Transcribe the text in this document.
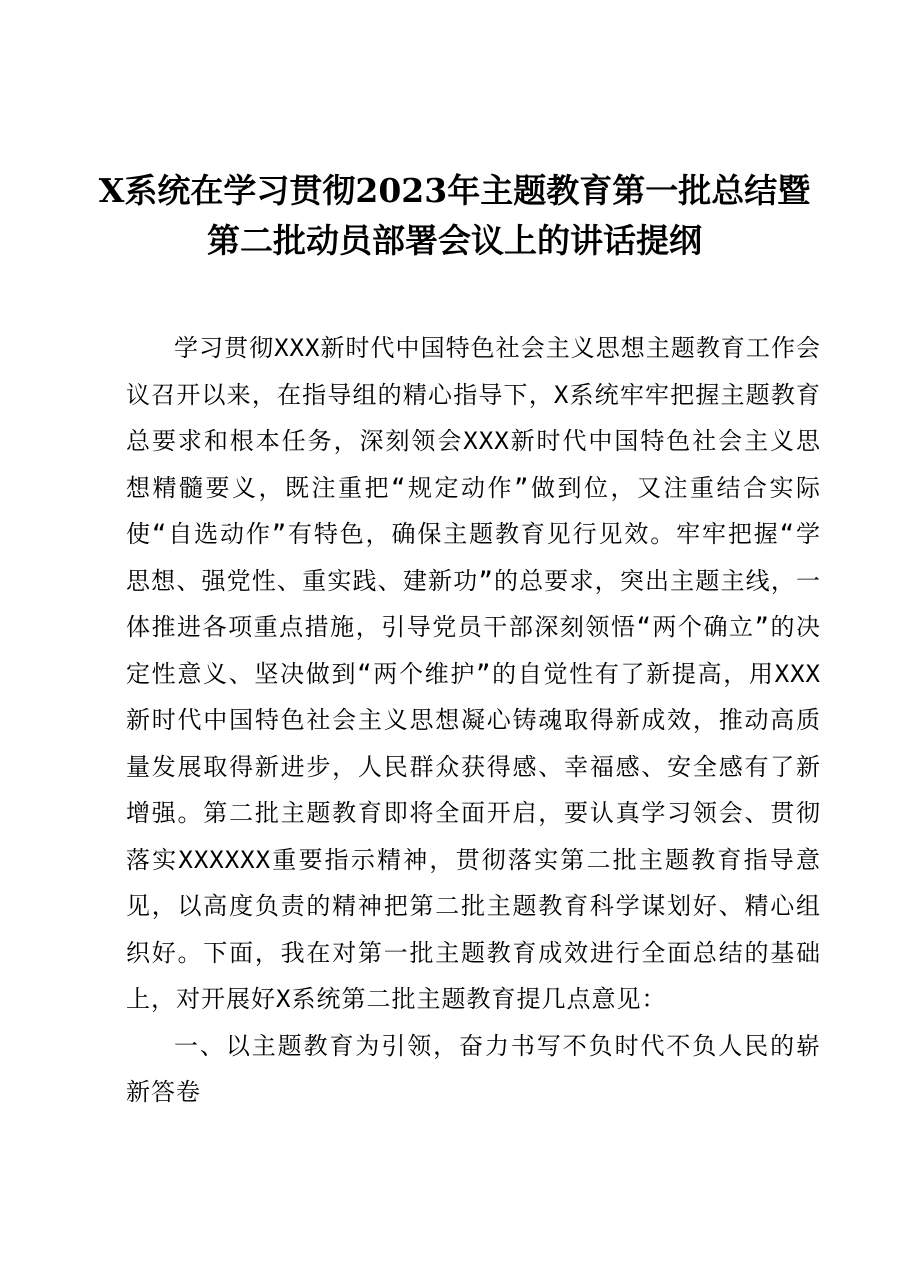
X系统在学习贯彻2023年主题教育第一批总结暨
第二批动员部署会议上的讲话提纲

学习贯彻XXX新时代中国特色社会主义思想主题教育工作会议召开以来，在指导组的精心指导下，X系统牢牢把握主题教育总要求和根本任务，深刻领会XXX新时代中国特色社会主义思想精髓要义，既注重把“规定动作”做到位，又注重结合实际使“自选动作”有特色，确保主题教育见行见效。牢牢把握“学思想、强党性、重实践、建新功”的总要求，突出主题主线，一体推进各项重点措施，引导党员干部深刻领悟“两个确立”的决定性意义、坚决做到“两个维护”的自觉性有了新提高，用XXX新时代中国特色社会主义思想凝心铸魂取得新成效，推动高质量发展取得新进步，人民群众获得感、幸福感、安全感有了新增强。第二批主题教育即将全面开启，要认真学习领会、贯彻落实XXXXXX重要指示精神，贯彻落实第二批主题教育指导意见，以高度负责的精神把第二批主题教育科学谋划好、精心组织好。下面，我在对第一批主题教育成效进行全面总结的基础上，对开展好X系统第二批主题教育提几点意见：

一、以主题教育为引领，奋力书写不负时代不负人民的崭新答卷
